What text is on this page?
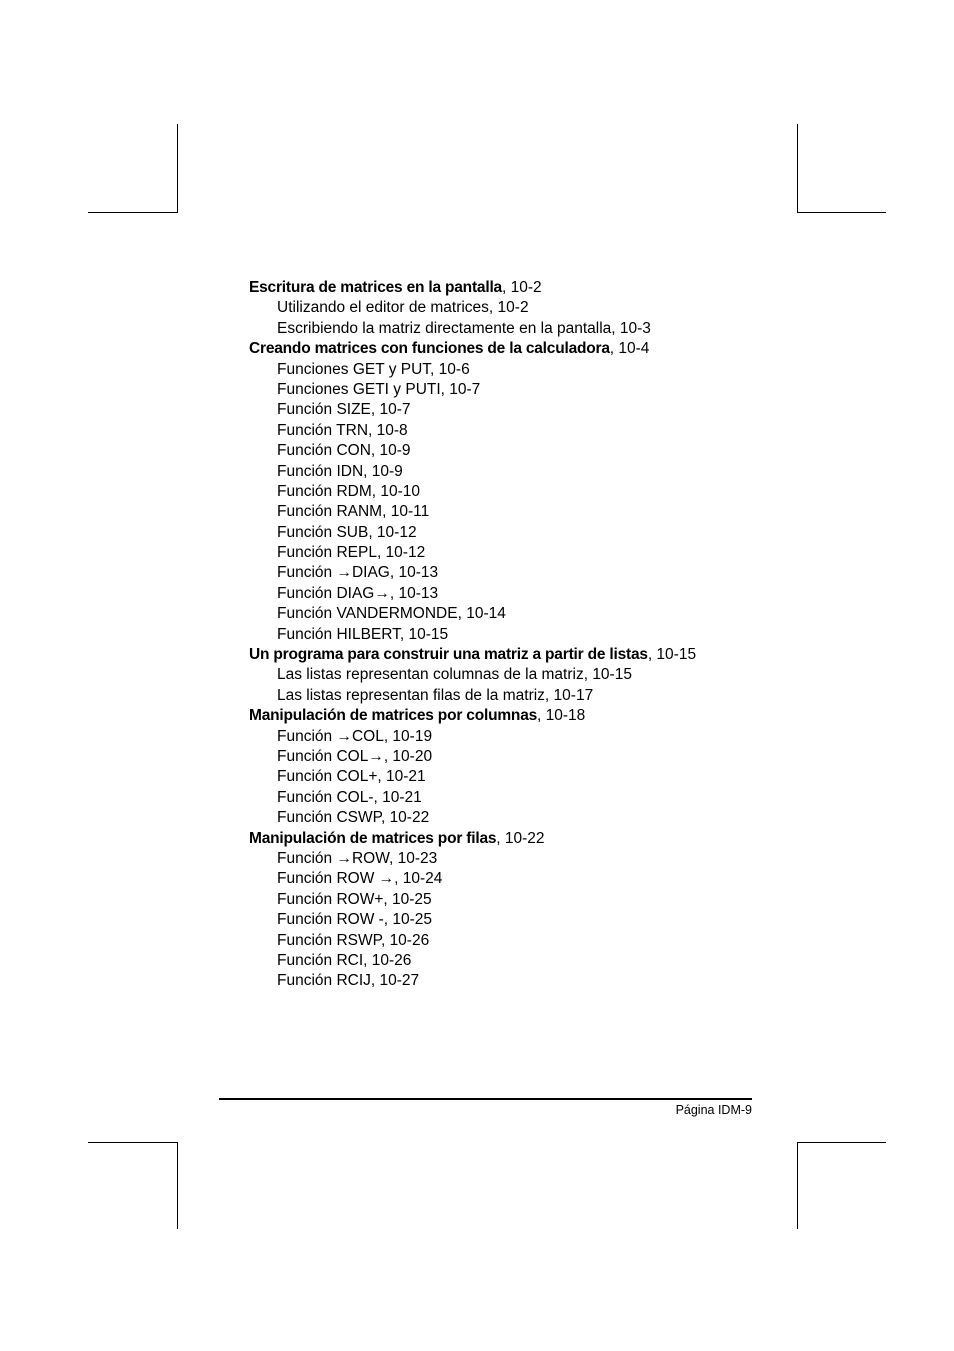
Escritura de matrices en la pantalla, 10-2
Utilizando el editor de matrices, 10-2
Escribiendo la matriz directamente en la pantalla, 10-3
Creando matrices con funciones de la calculadora, 10-4
Funciones GET y PUT, 10-6
Funciones GETI y PUTI, 10-7
Función SIZE, 10-7
Función TRN, 10-8
Función CON, 10-9
Función IDN, 10-9
Función RDM, 10-10
Función RANM, 10-11
Función SUB, 10-12
Función REPL, 10-12
Función →DIAG, 10-13
Función DIAG→, 10-13
Función VANDERMONDE, 10-14
Función HILBERT, 10-15
Un programa para construir una matriz a partir de listas, 10-15
Las listas representan columnas de la matriz, 10-15
Las listas representan filas de la matriz, 10-17
Manipulación de matrices por columnas, 10-18
Función →COL, 10-19
Función COL→, 10-20
Función COL+, 10-21
Función COL-, 10-21
Función CSWP, 10-22
Manipulación de matrices por filas, 10-22
Función →ROW, 10-23
Función ROW →, 10-24
Función ROW+, 10-25
Función ROW -, 10-25
Función RSWP, 10-26
Función RCI, 10-26
Función RCIJ, 10-27
Página IDM-9
